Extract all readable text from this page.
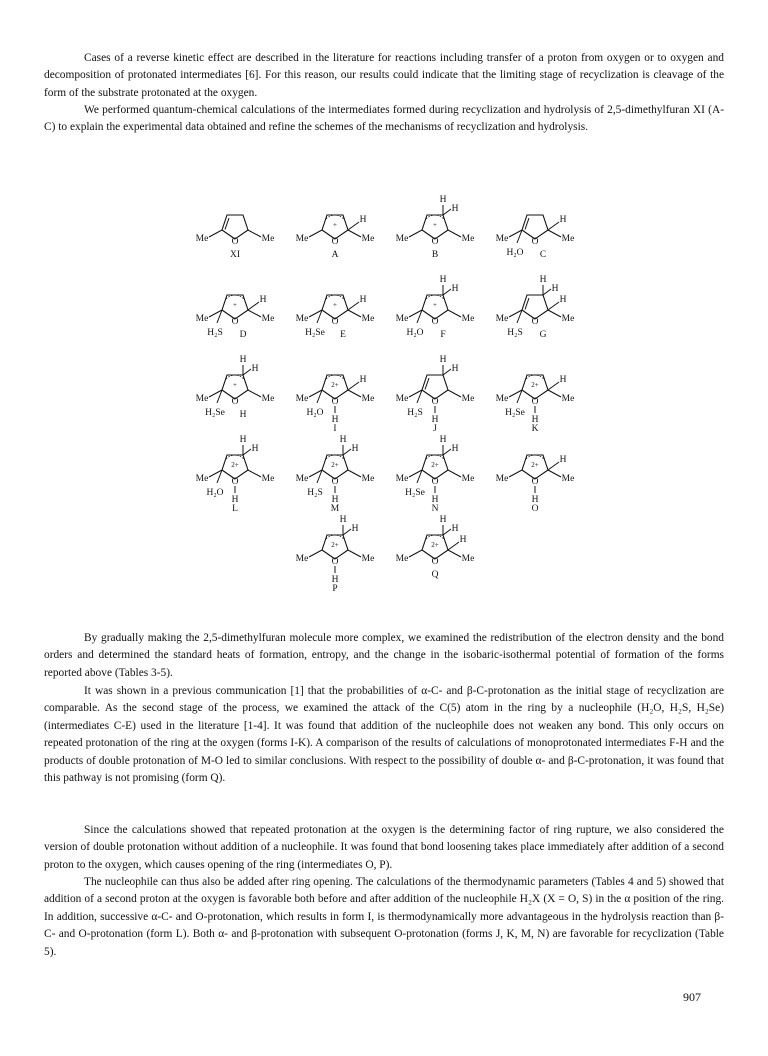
Cases of a reverse kinetic effect are described in the literature for reactions including transfer of a proton from oxygen or to oxygen and decomposition of protonated intermediates [6]. For this reason, our results could indicate that the limiting stage of recyclization is cleavage of the form of the substrate protonated at the oxygen.

We performed quantum-chemical calculations of the intermediates formed during recyclization and hydrolysis of 2,5-dimethylfuran XI (A-C) to explain the experimental data obtained and refine the schemes of the mechanisms of recyclization and hydrolysis.

Me	Me
O
XI
+
Me	Me
O
H
A
+
Me	Me
O
H
H
B
Me	Me
O
H
H₂O C
+
Me	Me
O
H
H₂S D
+
Me	Me
O
H
H₂Se E
+
Me	Me
O
H
H
H₂O F
Me	Me
O
H
H
H
H₂S G
+
Me	Me
O
H
H
H₂Se H
2+
Me	Me
O
H
H
H₂O
I
Me	Me
O
H
H
H
H₂S
J
2+
Me	Me
O
H
H
H₂Se
K
2+
Me	Me
O
H
H
H
H₂O
L
2+
Me	Me
O
H
H
H
H₂S
M
2+
Me	Me
O
H
H
H
H₂Se
N
2+
Me	Me
O
H
H
O
2+
Me	Me
O
H
H
H
P
2+
Me	Me
O
H
H
H
Q

By gradually making the 2,5-dimethylfuran molecule more complex, we examined the redistribution of the electron density and the bond orders and determined the standard heats of formation, entropy, and the change in the isobaric-isothermal potential of formation of the forms reported above (Tables 3-5).

It was shown in a previous communication [1] that the probabilities of α-C- and β-C-protonation as the initial stage of recyclization are comparable. As the second stage of the process, we examined the attack of the C(5) atom in the ring by a nucleophile (H₂O, H₂S, H₂Se) (intermediates C-E) used in the literature [1-4]. It was found that addition of the nucleophile does not weaken any bond. This only occurs on repeated protonation of the ring at the oxygen (forms I-K). A comparison of the results of calculations of monoprotonated intermediates F-H and the products of double protonation of M-O led to similar conclusions. With respect to the possibility of double α- and β-C-protonation, it was found that this pathway is not promising (form Q).

Since the calculations showed that repeated protonation at the oxygen is the determining factor of ring rupture, we also considered the version of double protonation without addition of a nucleophile. It was found that bond loosening takes place immediately after addition of a second proton to the oxygen, which causes opening of the ring (intermediates O, P).

The nucleophile can thus also be added after ring opening. The calculations of the thermodynamic parameters (Tables 4 and 5) showed that addition of a second proton at the oxygen is favorable both before and after addition of the nucleophile H₂X (X = O, S) in the α position of the ring. In addition, successive α-C- and O-protonation, which results in form I, is thermodynamically more advantageous in the hydrolysis reaction than β-C- and O-protonation (form L). Both α- and β-protonation with subsequent O-protonation (forms J, K, M, N) are favorable for recyclization (Table 5).

907
